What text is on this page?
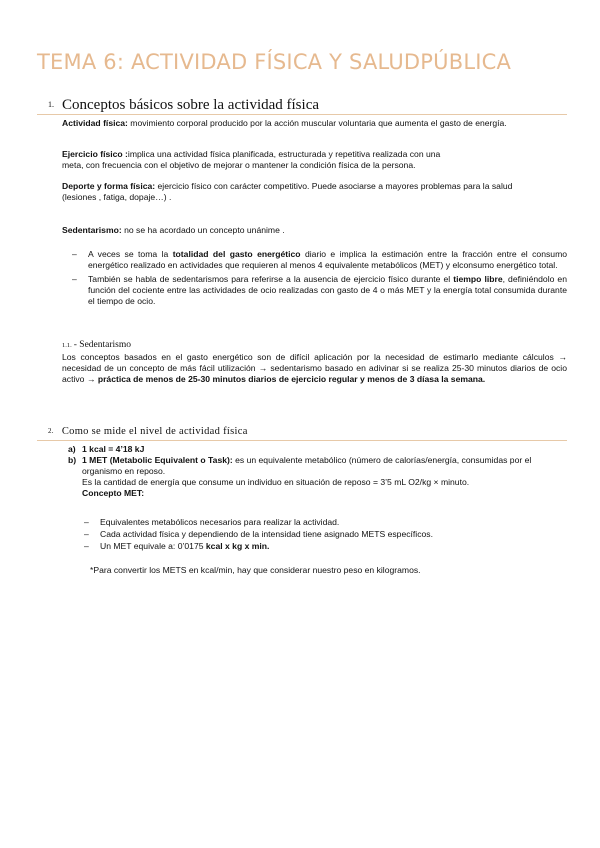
TEMA 6: ACTIVIDAD FÍSICA Y SALUDPÚBLICA
1. Conceptos básicos sobre la actividad física
Actividad física: movimiento corporal producido por la acción muscular voluntaria que aumenta el gasto de energía.
Ejercicio físico :implica una actividad física planificada, estructurada y repetitiva realizada con una
meta, con frecuencia con el objetivo de mejorar o mantener la condición física de la persona.
Deporte y forma física: ejercicio físico con carácter competitivo. Puede asociarse a mayores problemas para la salud
(lesiones , fatiga, dopaje…) .
Sedentarismo: no se ha acordado un concepto unánime .
– A veces se toma la totalidad del gasto energético diario e implica la estimación entre la fracción entre el consumo energético realizado en actividades que requieren al menos 4 equivalente metabólicos (MET) y elconsumo energético total.
– También se habla de sedentarismos para referirse a la ausencia de ejercicio físico durante el tiempo libre, definiéndolo en función del cociente entre las actividades de ocio realizadas con gasto de 4 o más MET y la energía total consumida durante el tiempo de ocio.
1.1. - Sedentarismo
Los conceptos basados en el gasto energético son de difícil aplicación por la necesidad de estimarlo mediante cálculos → necesidad de un concepto de más fácil utilización → sedentarismo basado en adivinar si se realiza 25-30 minutos diarios de ocio activo → práctica de menos de 25-30 minutos diarios de ejercicio regular y menos de 3 díasa la semana.
2. Como se mide el nivel de actividad física
a) 1 kcal = 4’18 kJ
b) 1 MET (Metabolic Equivalent o Task): es un equivalente metabólico (número de calorías/energía, consumidas por el organismo en reposo.
Es la cantidad de energía que consume un individuo en situación de reposo = 3’5 mL O2/kg × minuto.
Concepto MET:
– Equivalentes metabólicos necesarios para realizar la actividad.
– Cada actividad física y dependiendo de la intensidad tiene asignado METS específicos.
– Un MET equivale a: 0’0175 kcal x kg x min.
*Para convertir los METS en kcal/min, hay que considerar nuestro peso en kilogramos.
